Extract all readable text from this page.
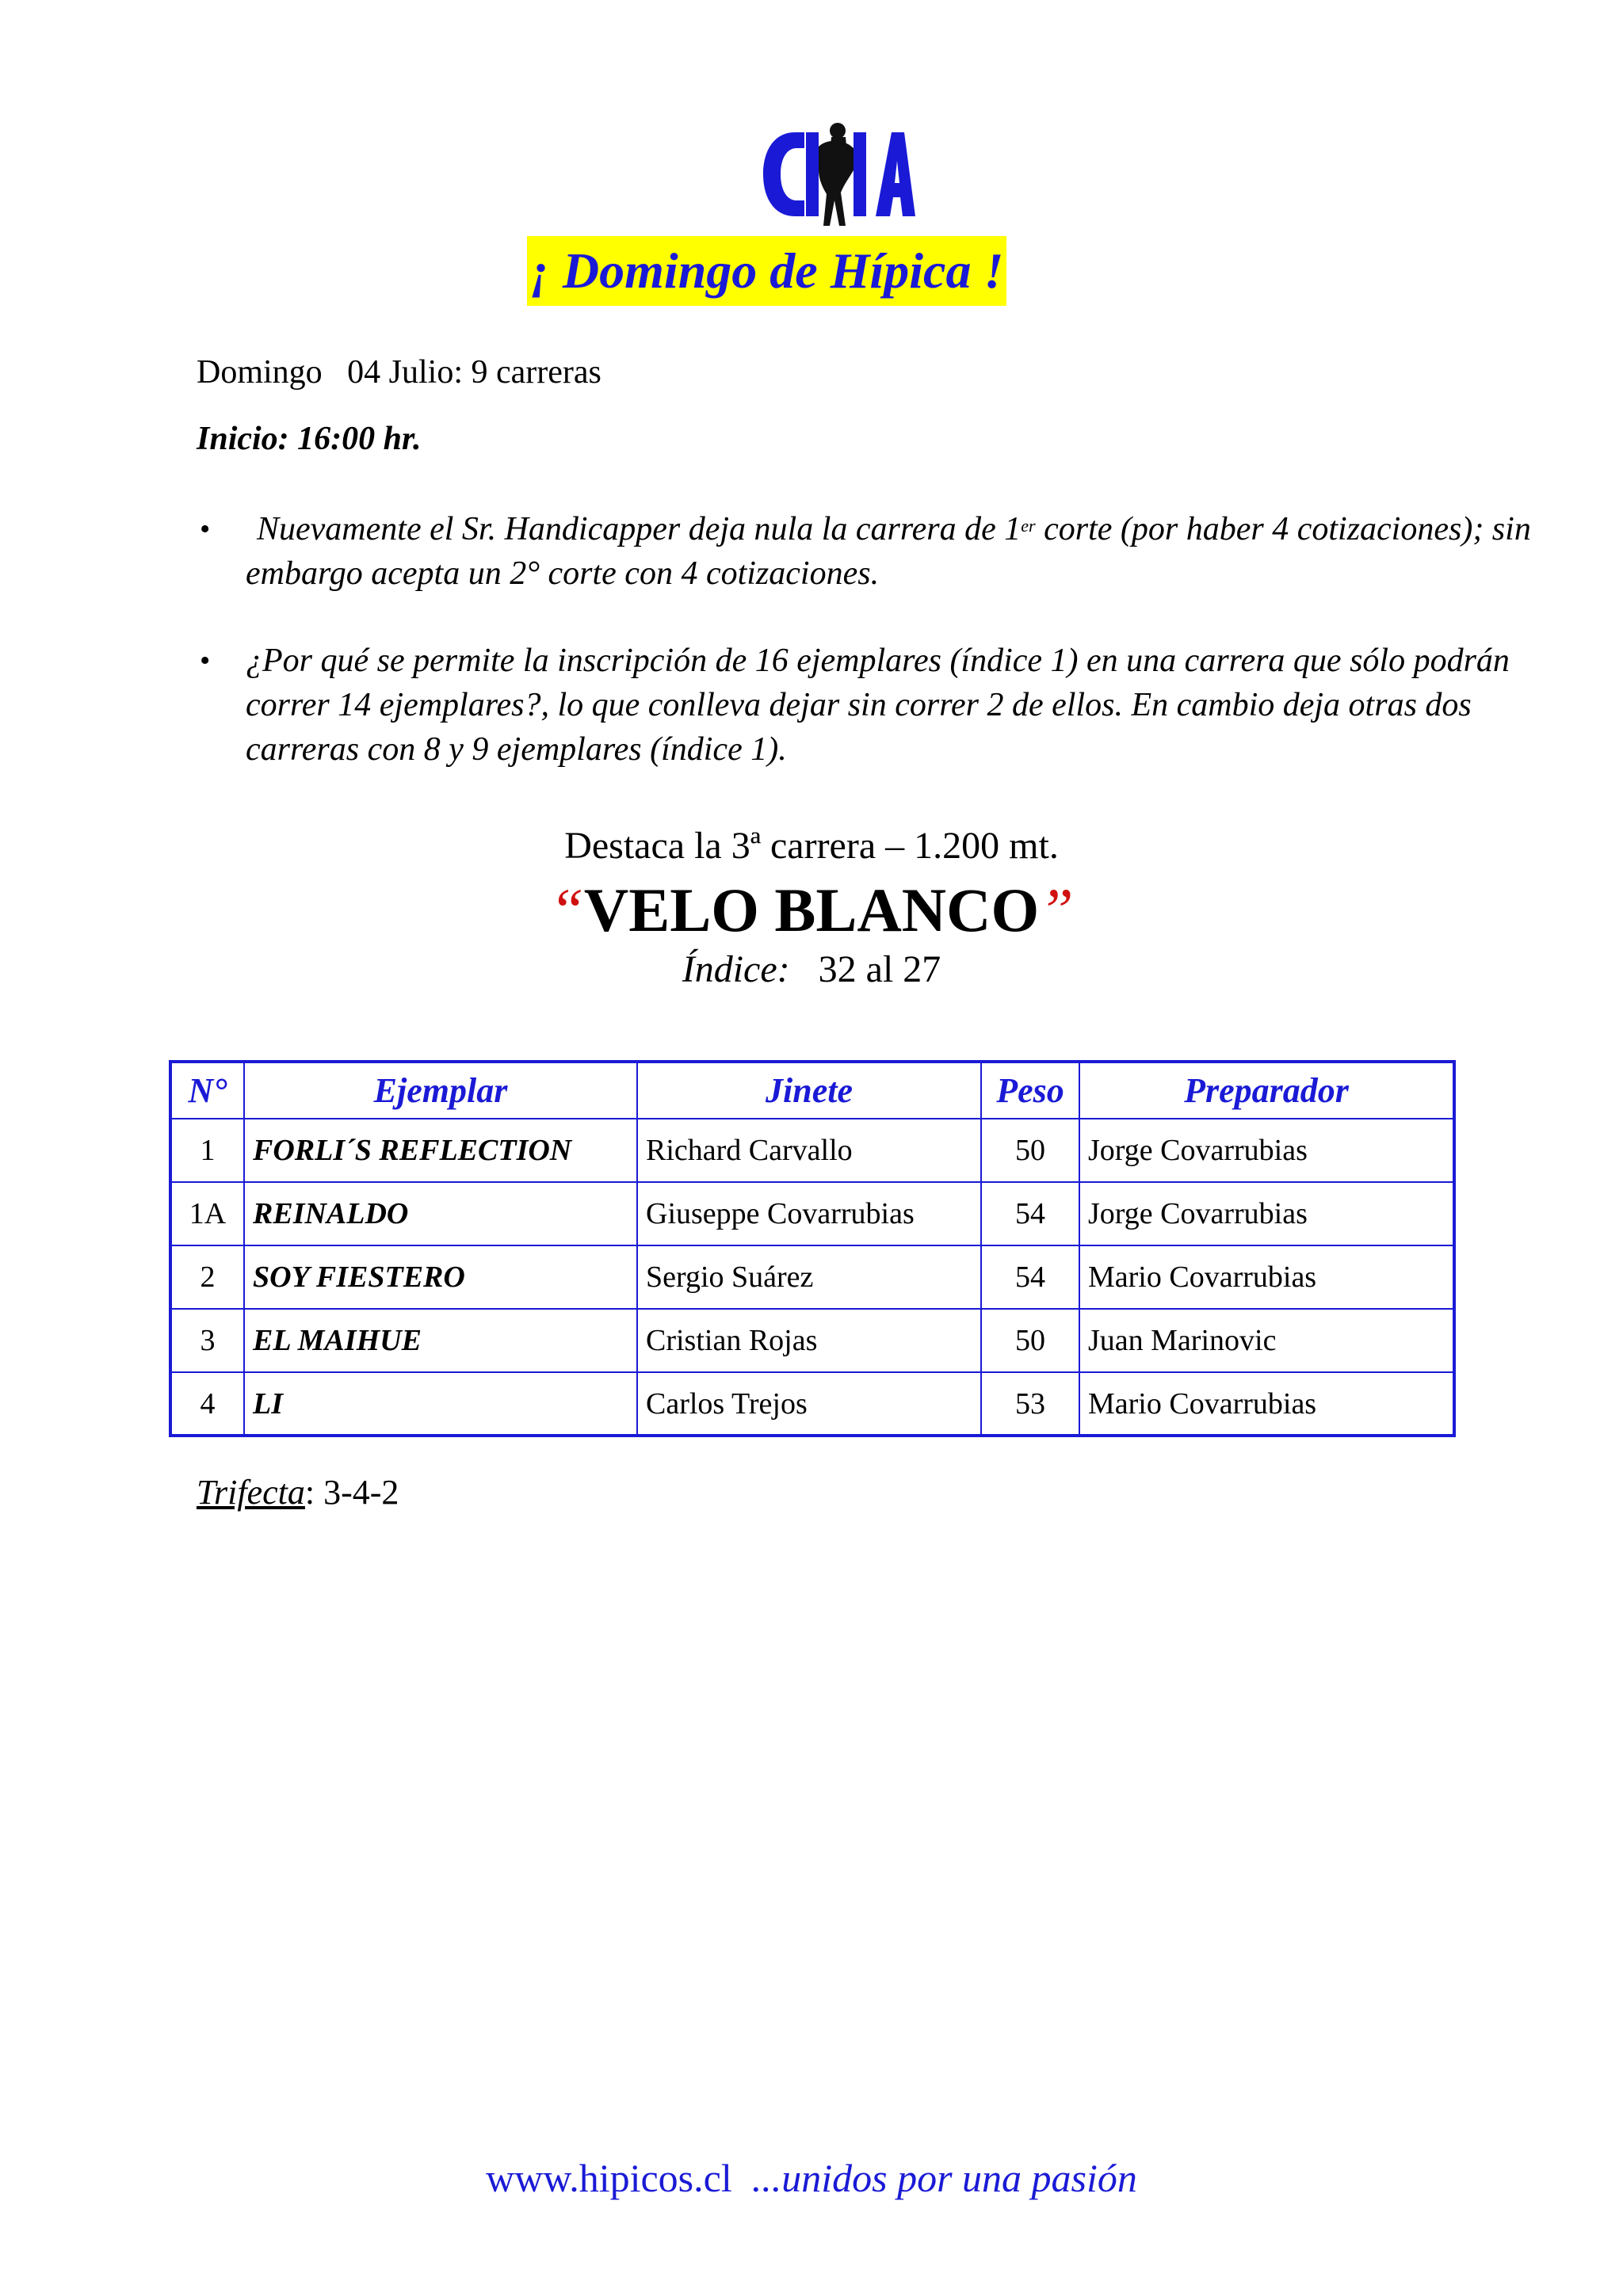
¡ Domingo de Hípica !
Domingo 04 Julio: 9 carreras
Inicio: 16:00 hr.
•	Nuevamente el Sr. Handicapper deja nula la carrera de 1er corte (por haber 4 cotizaciones); sin embargo acepta un 2° corte con 4 cotizaciones.
• ¿Por qué se permite la inscripción de 16 ejemplares (índice 1) en una carrera que sólo podrán correr 14 ejemplares?, lo que conlleva dejar sin correr 2 de ellos. En cambio deja otras dos carreras con 8 y 9 ejemplares (índice 1).
Destaca la 3ª carrera – 1.200 mt.
“VELO BLANCO”
Índice: 32 al 27
N°	Ejemplar	Jinete	Peso	Preparador
1	FORLI´S REFLECTION	Richard Carvallo	50	Jorge Covarrubias
1A	REINALDO	Giuseppe Covarrubias	54	Jorge Covarrubias
2	SOY FIESTERO	Sergio Suárez	54	Mario Covarrubias
3	EL MAIHUE	Cristian Rojas	50	Juan Marinovic
4	LI	Carlos Trejos	53	Mario Covarrubias
Trifecta: 3-4-2
www.hipicos.cl ...unidos por una pasión
